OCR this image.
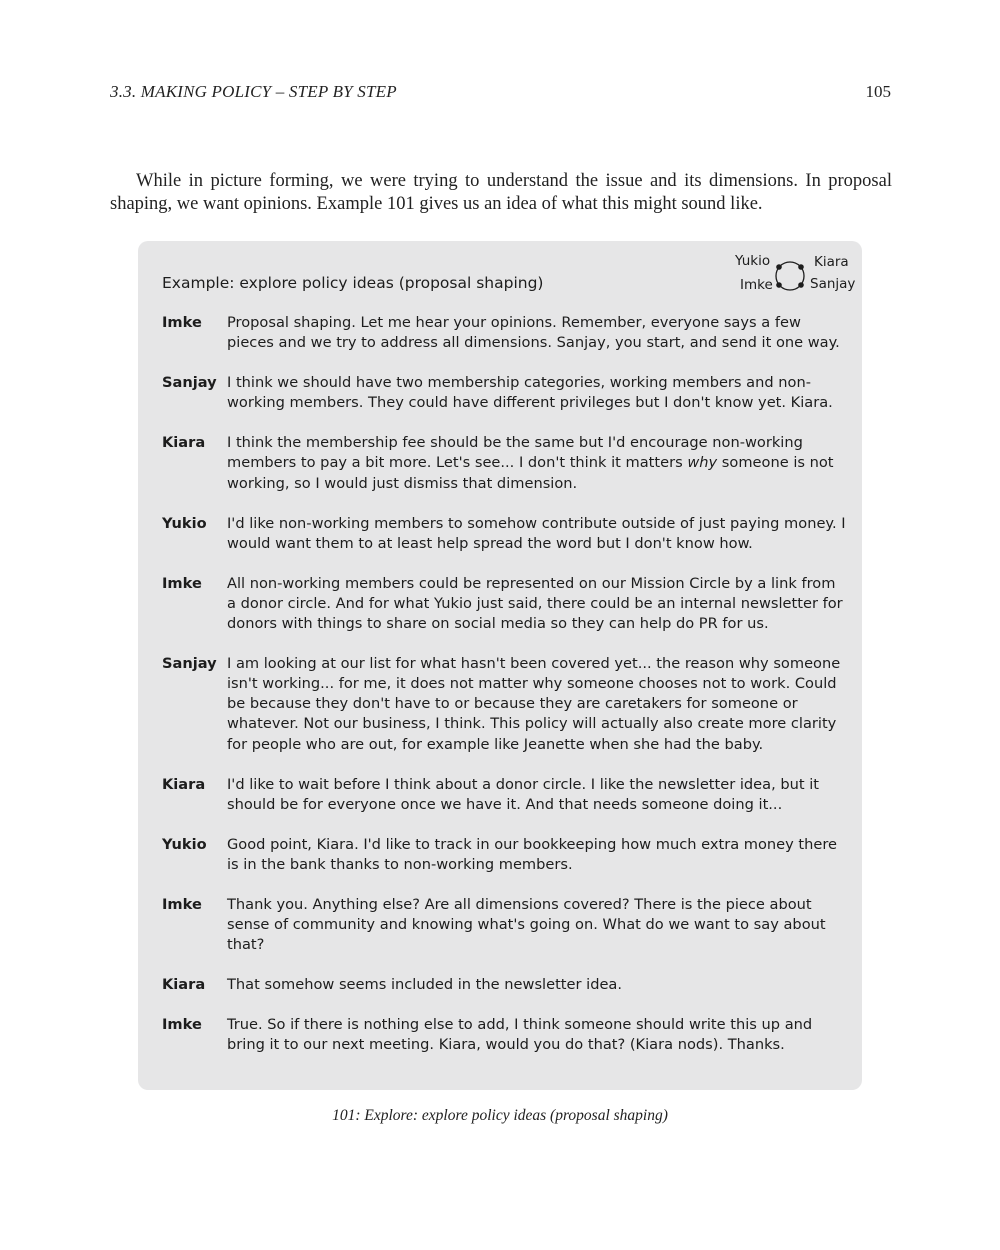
3.3. MAKING POLICY – STEP BY STEP	105

While in picture forming, we were trying to understand the issue and its dimensions. In proposal shaping, we want opinions. Example 101 gives us an idea of what this might sound like.

Example: explore policy ideas (proposal shaping)
Yukio	Kiara
Imke	Sanjay
Imke	Proposal shaping. Let me hear your opinions. Remember, everyone says a few
pieces and we try to address all dimensions. Sanjay, you start, and send it one way.
Sanjay I think we should have two membership categories, working members and non-
working members. They could have different privileges but I don't know yet. Kiara.
Kiara	I think the membership fee should be the same but I'd encourage non-working
members to pay a bit more. Let's see... I don't think it matters why someone is not
working, so I would just dismiss that dimension.
Yukio	I'd like non-working members to somehow contribute outside of just paying money. I
would want them to at least help spread the word but I don't know how.
Imke	All non-working members could be represented on our Mission Circle by a link from
a donor circle. And for what Yukio just said, there could be an internal newsletter for
donors with things to share on social media so they can help do PR for us.
Sanjay I am looking at our list for what hasn't been covered yet... the reason why someone
isn't working... for me, it does not matter why someone chooses not to work. Could
be because they don't have to or because they are caretakers for someone or
whatever. Not our business, I think. This policy will actually also create more clarity
for people who are out, for example like Jeanette when she had the baby.
Kiara	I'd like to wait before I think about a donor circle. I like the newsletter idea, but it
should be for everyone once we have it. And that needs someone doing it...
Yukio	Good point, Kiara. I'd like to track in our bookkeeping how much extra money there
is in the bank thanks to non-working members.
Imke	Thank you. Anything else? Are all dimensions covered? There is the piece about
sense of community and knowing what's going on. What do we want to say about
that?
Kiara	That somehow seems included in the newsletter idea.
Imke	True. So if there is nothing else to add, I think someone should write this up and
bring it to our next meeting. Kiara, would you do that? (Kiara nods). Thanks.
101: Explore: explore policy ideas (proposal shaping)
